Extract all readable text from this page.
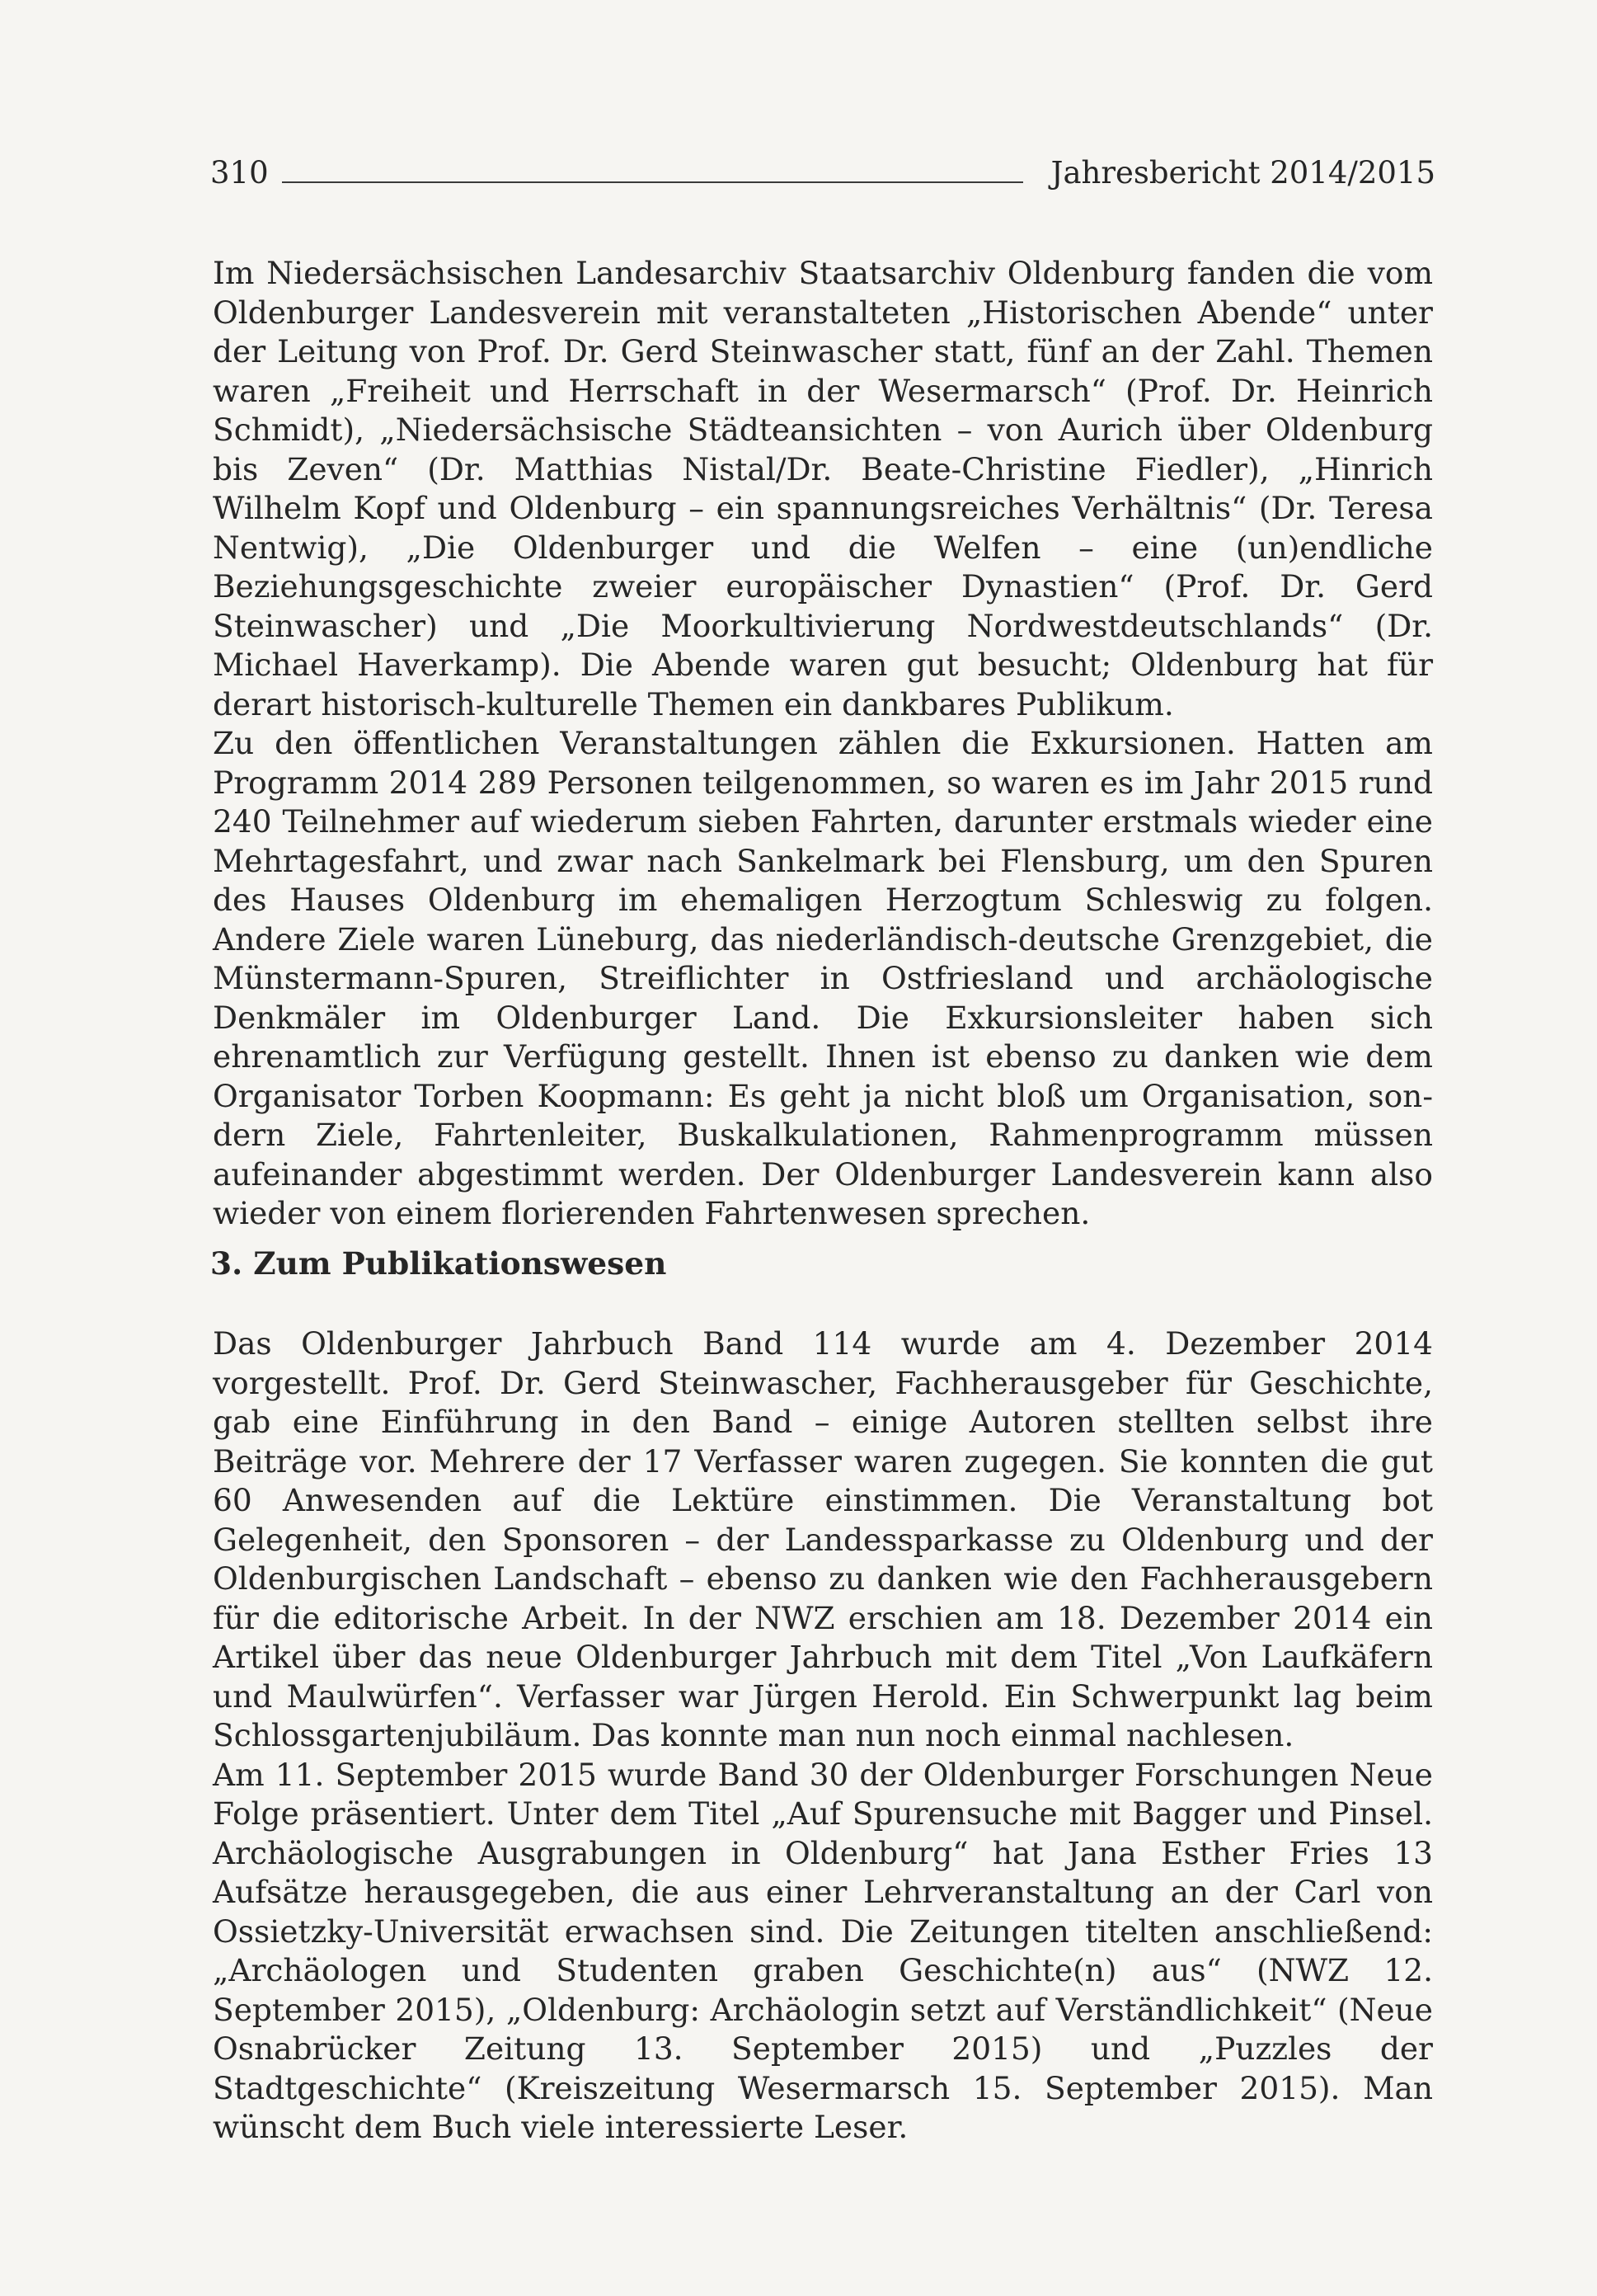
310	Jahresbericht 2014/2015

Im Niedersächsischen Landesarchiv Staatsarchiv Oldenburg fanden die vom Oldenburger Landesverein mit veranstalteten „Historischen Abende“ unter der Leitung von Prof. Dr. Gerd Steinwascher statt, fünf an der Zahl. Themen waren „Freiheit und Herrschaft in der Wesermarsch“ (Prof. Dr. Heinrich Schmidt), „Niedersächsische Städteansichten – von Aurich über Oldenburg bis Zeven“ (Dr. Matthias Nistal/Dr. Beate-Christine Fiedler), „Hinrich Wilhelm Kopf und Oldenburg – ein spannungsreiches Verhältnis“ (Dr. Teresa Nentwig), „Die Oldenburger und die Welfen – eine (un)endliche Beziehungsgeschichte zweier europäischer Dynastien“ (Prof. Dr. Gerd Steinwascher) und „Die Moorkultivierung Nordwestdeutschlands“ (Dr. Michael Haverkamp). Die Abende waren gut besucht; Oldenburg hat für derart historisch-kulturelle Themen ein dankbares Publikum.

Zu den öffentlichen Veranstaltungen zählen die Exkursionen. Hatten am Programm 2014 289 Personen teilgenommen, so waren es im Jahr 2015 rund 240 Teilnehmer auf wiederum sieben Fahrten, darunter erstmals wieder eine Mehrtagesfahrt, und zwar nach Sankelmark bei Flensburg, um den Spuren des Hauses Oldenburg im ehemaligen Herzogtum Schleswig zu folgen. Andere Ziele waren Lüneburg, das niederländisch-deutsche Grenzgebiet, die Münstermann-Spuren, Streiflichter in Ostfriesland und archäologische Denkmäler im Oldenburger Land. Die Exkursionsleiter haben sich ehrenamtlich zur Verfügung gestellt. Ihnen ist ebenso zu danken wie dem Organisator Torben Koopmann: Es geht ja nicht bloß um Organisation, sondern Ziele, Fahrtenleiter, Buskalkulationen, Rahmenprogramm müssen aufeinander abgestimmt werden. Der Oldenburger Landesverein kann also wieder von einem florierenden Fahrtenwesen sprechen.

3. Zum Publikationswesen

Das Oldenburger Jahrbuch Band 114 wurde am 4. Dezember 2014 vorgestellt. Prof. Dr. Gerd Steinwascher, Fachherausgeber für Geschichte, gab eine Einführung in den Band – einige Autoren stellten selbst ihre Beiträge vor. Mehrere der 17 Verfasser waren zugegen. Sie konnten die gut 60 Anwesenden auf die Lektüre einstimmen. Die Veranstaltung bot Gelegenheit, den Sponsoren – der Landessparkasse zu Oldenburg und der Oldenburgischen Landschaft – ebenso zu danken wie den Fachherausgebern für die editorische Arbeit. In der NWZ erschien am 18. Dezember 2014 ein Artikel über das neue Oldenburger Jahrbuch mit dem Titel „Von Laufkäfern und Maulwürfen“. Verfasser war Jürgen Herold. Ein Schwerpunkt lag beim Schlossgartenjubiläum. Das konnte man nun noch einmal nachlesen.

Am 11. September 2015 wurde Band 30 der Oldenburger Forschungen Neue Folge präsentiert. Unter dem Titel „Auf Spurensuche mit Bagger und Pinsel. Archäologische Ausgrabungen in Oldenburg“ hat Jana Esther Fries 13 Aufsätze herausgegeben, die aus einer Lehrveranstaltung an der Carl von Ossietzky-Universität erwachsen sind. Die Zeitungen titelten anschließend: „Archäologen und Studenten graben Geschichte(n) aus“ (NWZ 12. September 2015), „Oldenburg: Archäologin setzt auf Verständlichkeit“ (Neue Osnabrücker Zeitung 13. September 2015) und „Puzzles der Stadtgeschichte“ (Kreiszeitung Wesermarsch 15. September 2015). Man wünscht dem Buch viele interessierte Leser.
